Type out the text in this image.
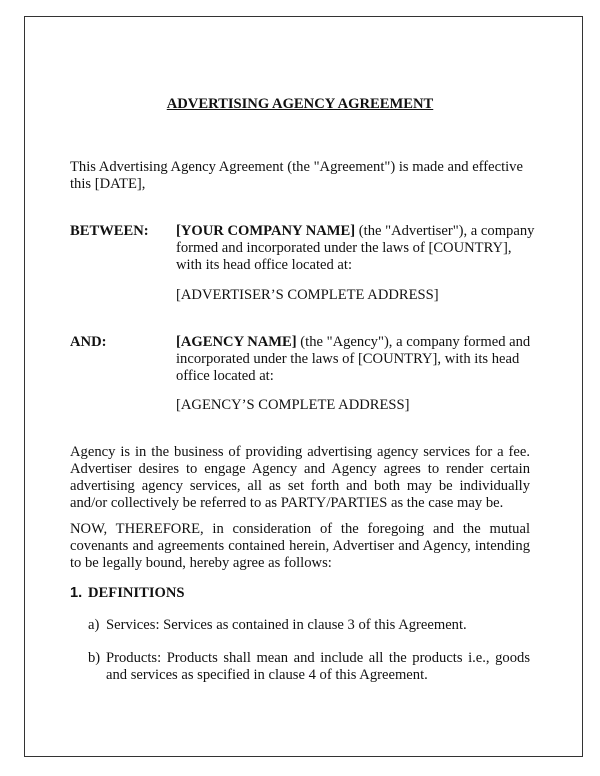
ADVERTISING AGENCY AGREEMENT

This Advertising Agency Agreement (the "Agreement") is made and effective this [DATE],

BETWEEN: [YOUR COMPANY NAME] (the "Advertiser"), a company formed and incorporated under the laws of [COUNTRY], with its head office located at:

[ADVERTISER’S COMPLETE ADDRESS]

AND:	[AGENCY NAME] (the "Agency"), a company formed and incorporated under the laws of [COUNTRY], with its head office located at:

[AGENCY’S COMPLETE ADDRESS]

Agency is in the business of providing advertising agency services for a fee. Advertiser desires to engage Agency and Agency agrees to render certain advertising agency services, all as set forth and both may be individually and/or collectively be referred to as PARTY/PARTIES as the case may be.

NOW, THEREFORE, in consideration of the foregoing and the mutual covenants and agreements contained herein, Advertiser and Agency, intending to be legally bound, hereby agree as follows:

1. DEFINITIONS

a) Services: Services as contained in clause 3 of this Agreement.

b) Products: Products shall mean and include all the products i.e., goods and services as specified in clause 4 of this Agreement.
